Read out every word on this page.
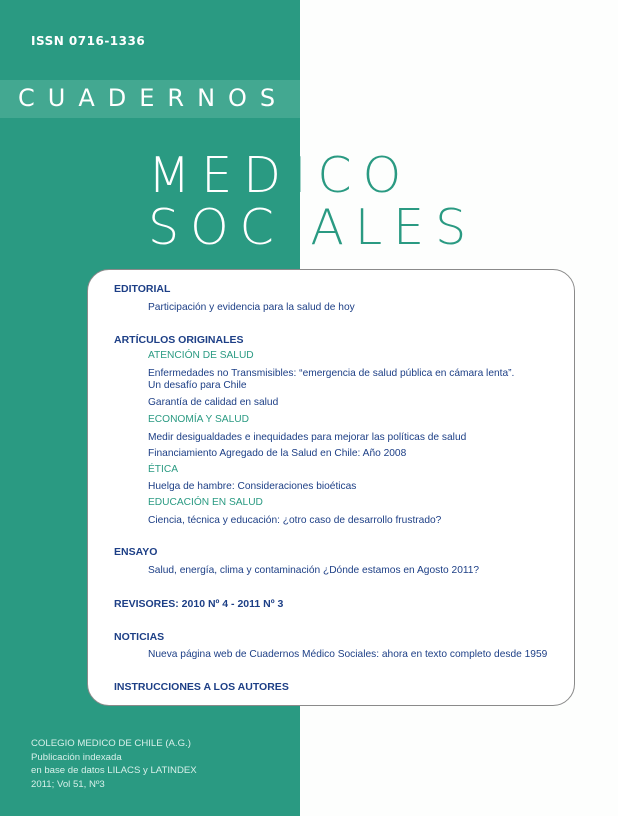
ISSN 0716-1336
CUADERNOS
MEDICO
SOCIALES
EDITORIAL
Participación y evidencia para la salud de hoy
ARTÍCULOS ORIGINALES
ATENCIÓN DE SALUD
Enfermedades no Transmisibles: “emergencia de salud pública en cámara lenta”.
Un desafío para Chile
Garantía de calidad en salud
ECONOMÍA Y SALUD
Medir desigualdades e inequidades para mejorar las políticas de salud
Financiamiento Agregado de la Salud en Chile: Año 2008
ÉTICA
Huelga de hambre: Consideraciones bioéticas
EDUCACIÓN EN SALUD
Ciencia, técnica y educación: ¿otro caso de desarrollo frustrado?
ENSAYO
Salud, energía, clima y contaminación ¿Dónde estamos en Agosto 2011?
REVISORES: 2010 Nº 4 - 2011 Nº 3
NOTICIAS
Nueva página web de Cuadernos Médico Sociales: ahora en texto completo desde 1959
INSTRUCCIONES A LOS AUTORES
COLEGIO MEDICO DE CHILE (A.G.)
Publicación indexada
en base de datos LILACS y LATINDEX
2011; Vol 51, Nº3
